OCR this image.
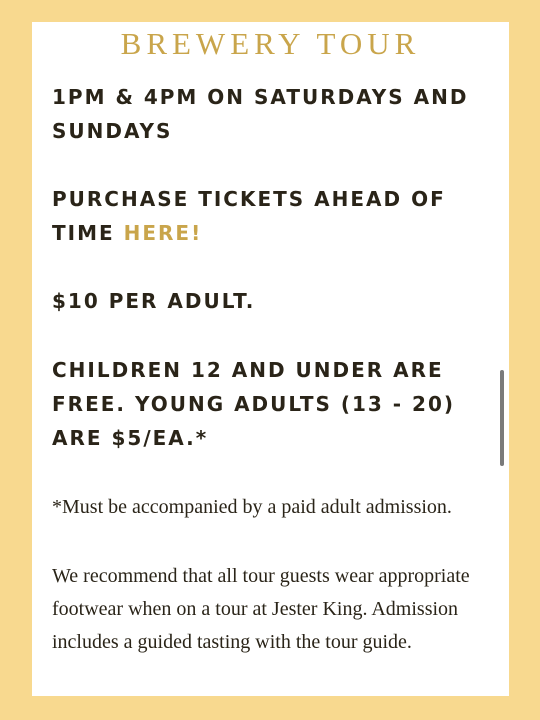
BREWERY TOUR

1PM & 4PM ON SATURDAYS AND SUNDAYS

PURCHASE TICKETS AHEAD OF TIME HERE!

$10 PER ADULT.

CHILDREN 12 AND UNDER ARE FREE. YOUNG ADULTS (13 - 20) ARE $5/EA.*

*Must be accompanied by a paid adult admission.

We recommend that all tour guests wear appropriate footwear when on a tour at Jester King. Admission includes a guided tasting with the tour guide.
